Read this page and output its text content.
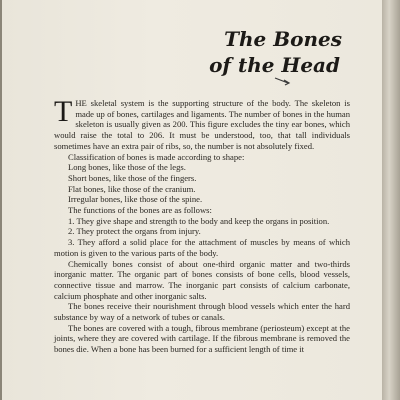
The Bones
of the Head

THE skeletal system is the supporting structure of the body. The skeleton is made up of bones, cartilages and ligaments. The number of bones in the human skeleton is usually given as 200. This figure excludes the tiny ear bones, which would raise the total to 206. It must be understood, too, that tall individuals sometimes have an extra pair of ribs, so, the number is not absolutely fixed.

Classification of bones is made according to shape:

Long bones, like those of the legs.

Short bones, like those of the fingers.

Flat bones, like those of the cranium.

Irregular bones, like those of the spine.

The functions of the bones are as follows:

1. They give shape and strength to the body and keep the organs in position.

2. They protect the organs from injury.

3. They afford a solid place for the attachment of muscles by means of which motion is given to the various parts of the body.

Chemically bones consist of about one-third organic matter and two-thirds inorganic matter. The organic part of bones consists of bone cells, blood vessels, connective tissue and marrow. The inorganic part consists of calcium carbonate, calcium phosphate and other inorganic salts.

The bones receive their nourishment through blood vessels which enter the hard substance by way of a network of tubes or canals.

The bones are covered with a tough, fibrous membrane (periosteum) except at the joints, where they are covered with cartilage. If the fibrous membrane is removed the bones die. When a bone has been burned for a sufficient length of time it
